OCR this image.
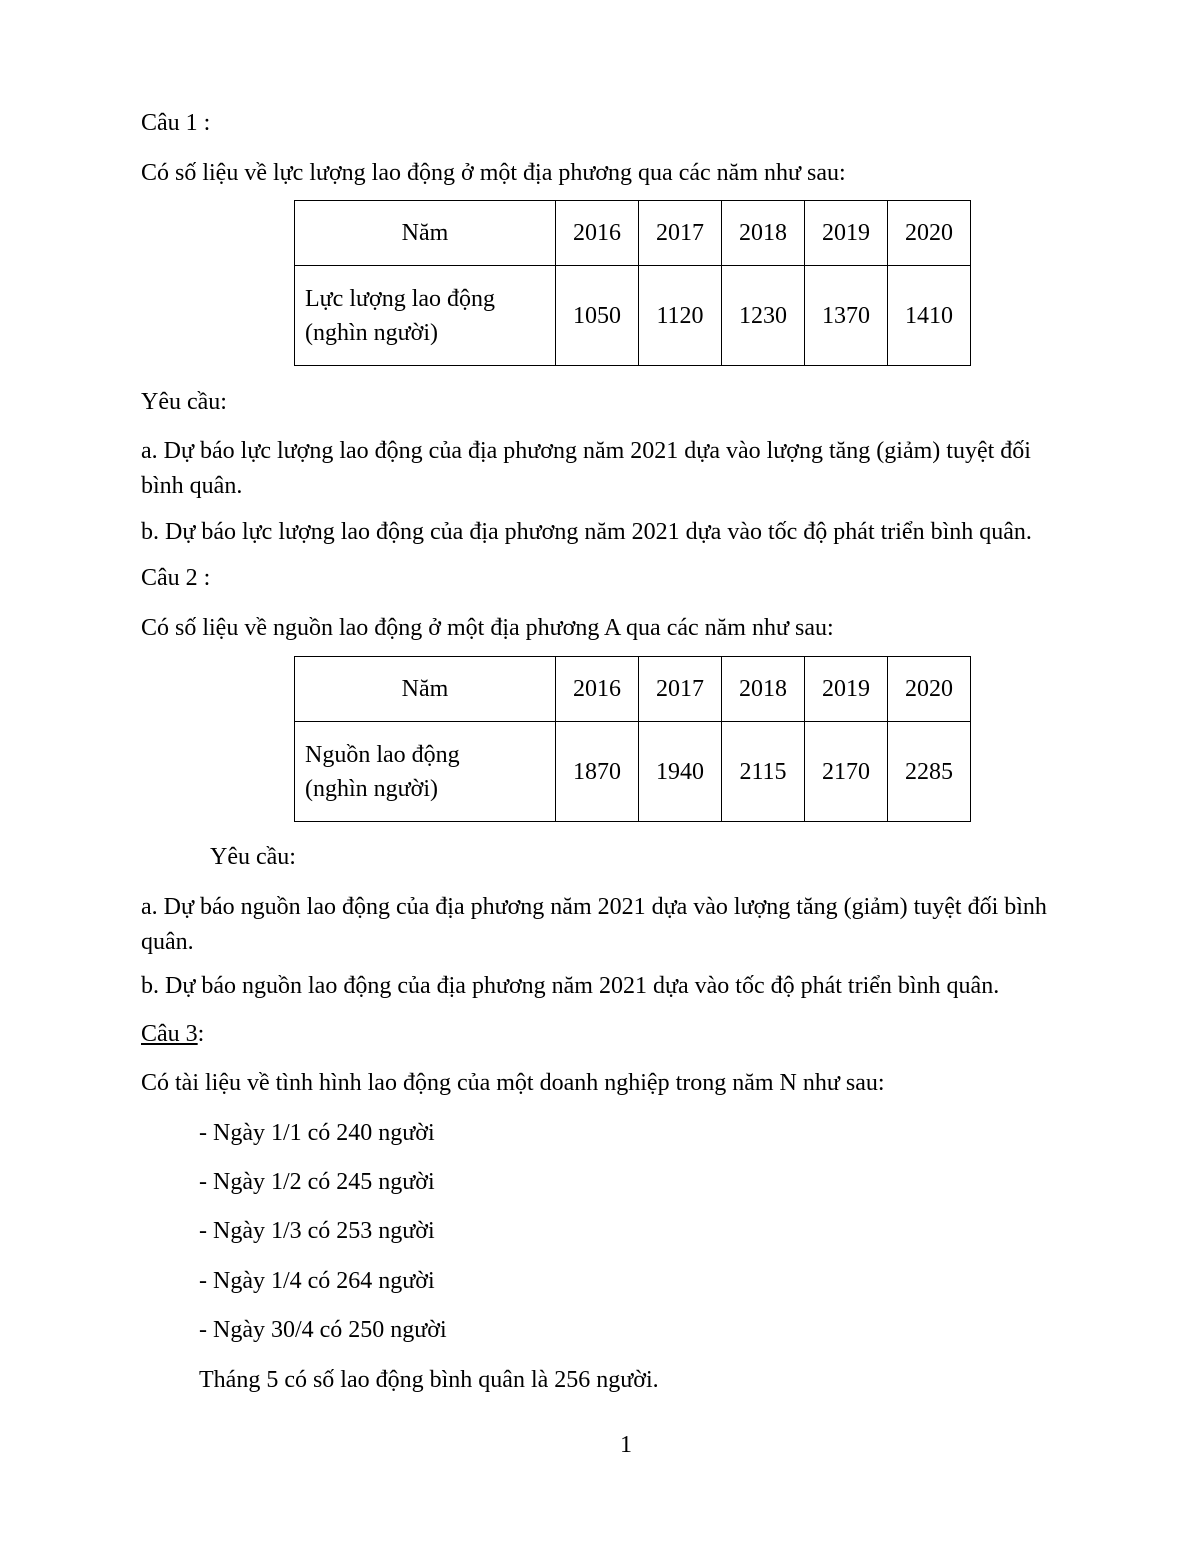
Câu 1 :
Có số liệu về lực lượng lao động ở một địa phương qua các năm như sau:
Năm	2016	2017	2018	2019	2020

Lực lượng lao động
(nghìn người)	1050	1120	1230	1370	1410
Yêu cầu:
a. Dự báo lực lượng lao động của địa phương năm 2021 dựa vào lượng tăng (giảm) tuyệt đối
bình quân.
b. Dự báo lực lượng lao động của địa phương năm 2021 dựa vào tốc độ phát triển bình quân.
Câu 2 :
Có số liệu về nguồn lao động ở một địa phương A qua các năm như sau:
Năm	2016	2017	2018	2019	2020

Nguồn lao động
(nghìn người)	1870	1940	2115	2170	2285
Yêu cầu:
a. Dự báo nguồn lao động của địa phương năm 2021 dựa vào lượng tăng (giảm) tuyệt đối bình
quân.
b. Dự báo nguồn lao động của địa phương năm 2021 dựa vào tốc độ phát triển bình quân.
Câu 3:
Có tài liệu về tình hình lao động của một doanh nghiệp trong năm N như sau:
- Ngày 1/1 có 240 người
- Ngày 1/2 có 245 người
- Ngày 1/3 có 253 người
- Ngày 1/4 có 264 người
- Ngày 30/4 có 250 người
Tháng 5 có số lao động bình quân là 256 người.
1
